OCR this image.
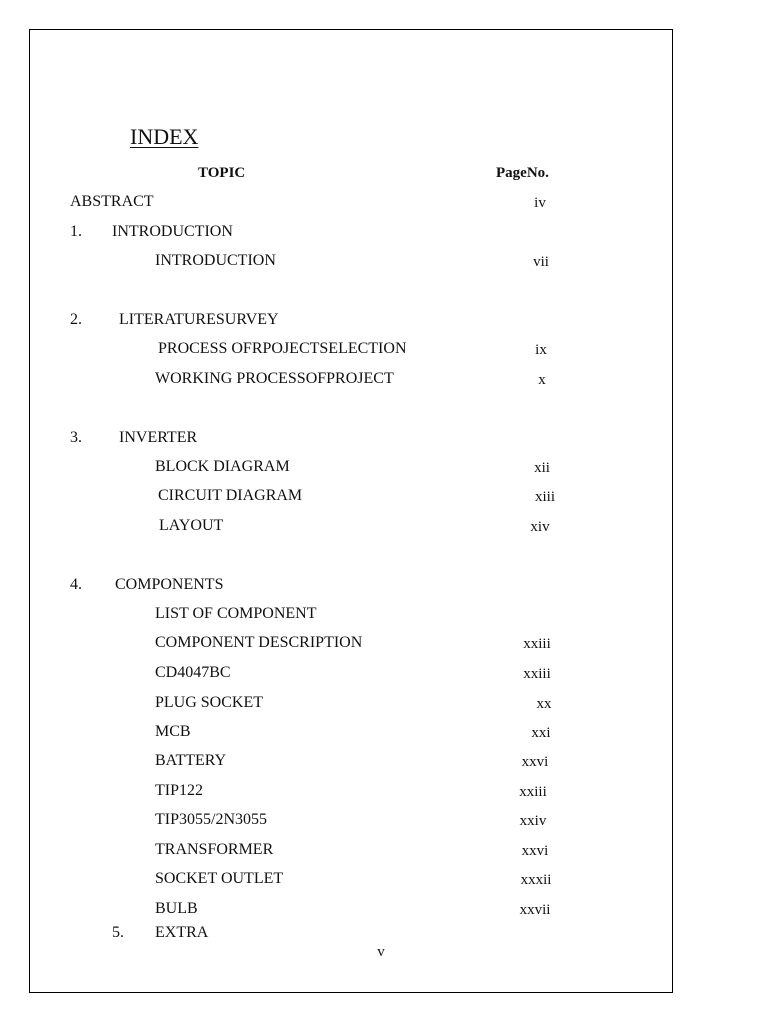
INDEX
TOPIC	PageNo.
ABSTRACT	iv
1. INTRODUCTION
INTRODUCTION	vii
2. LITERATURESURVEY
PROCESS OFRPOJECTSELECTION	ix
WORKING PROCESSOFPROJECT	x
3. INVERTER
BLOCK DIAGRAM	xii
CIRCUIT DIAGRAM	xiii
LAYOUT	xiv
4. COMPONENTS
LIST OF COMPONENT
COMPONENT DESCRIPTION	xxiii
CD4047BC	xxiii
PLUG SOCKET	xx
MCB	xxi
BATTERY	xxvi
TIP122	xxiii
TIP3055/2N3055	xxiv
TRANSFORMER	xxvi
SOCKET OUTLET	xxxii
BULB	xxvii
5. EXTRA
v
